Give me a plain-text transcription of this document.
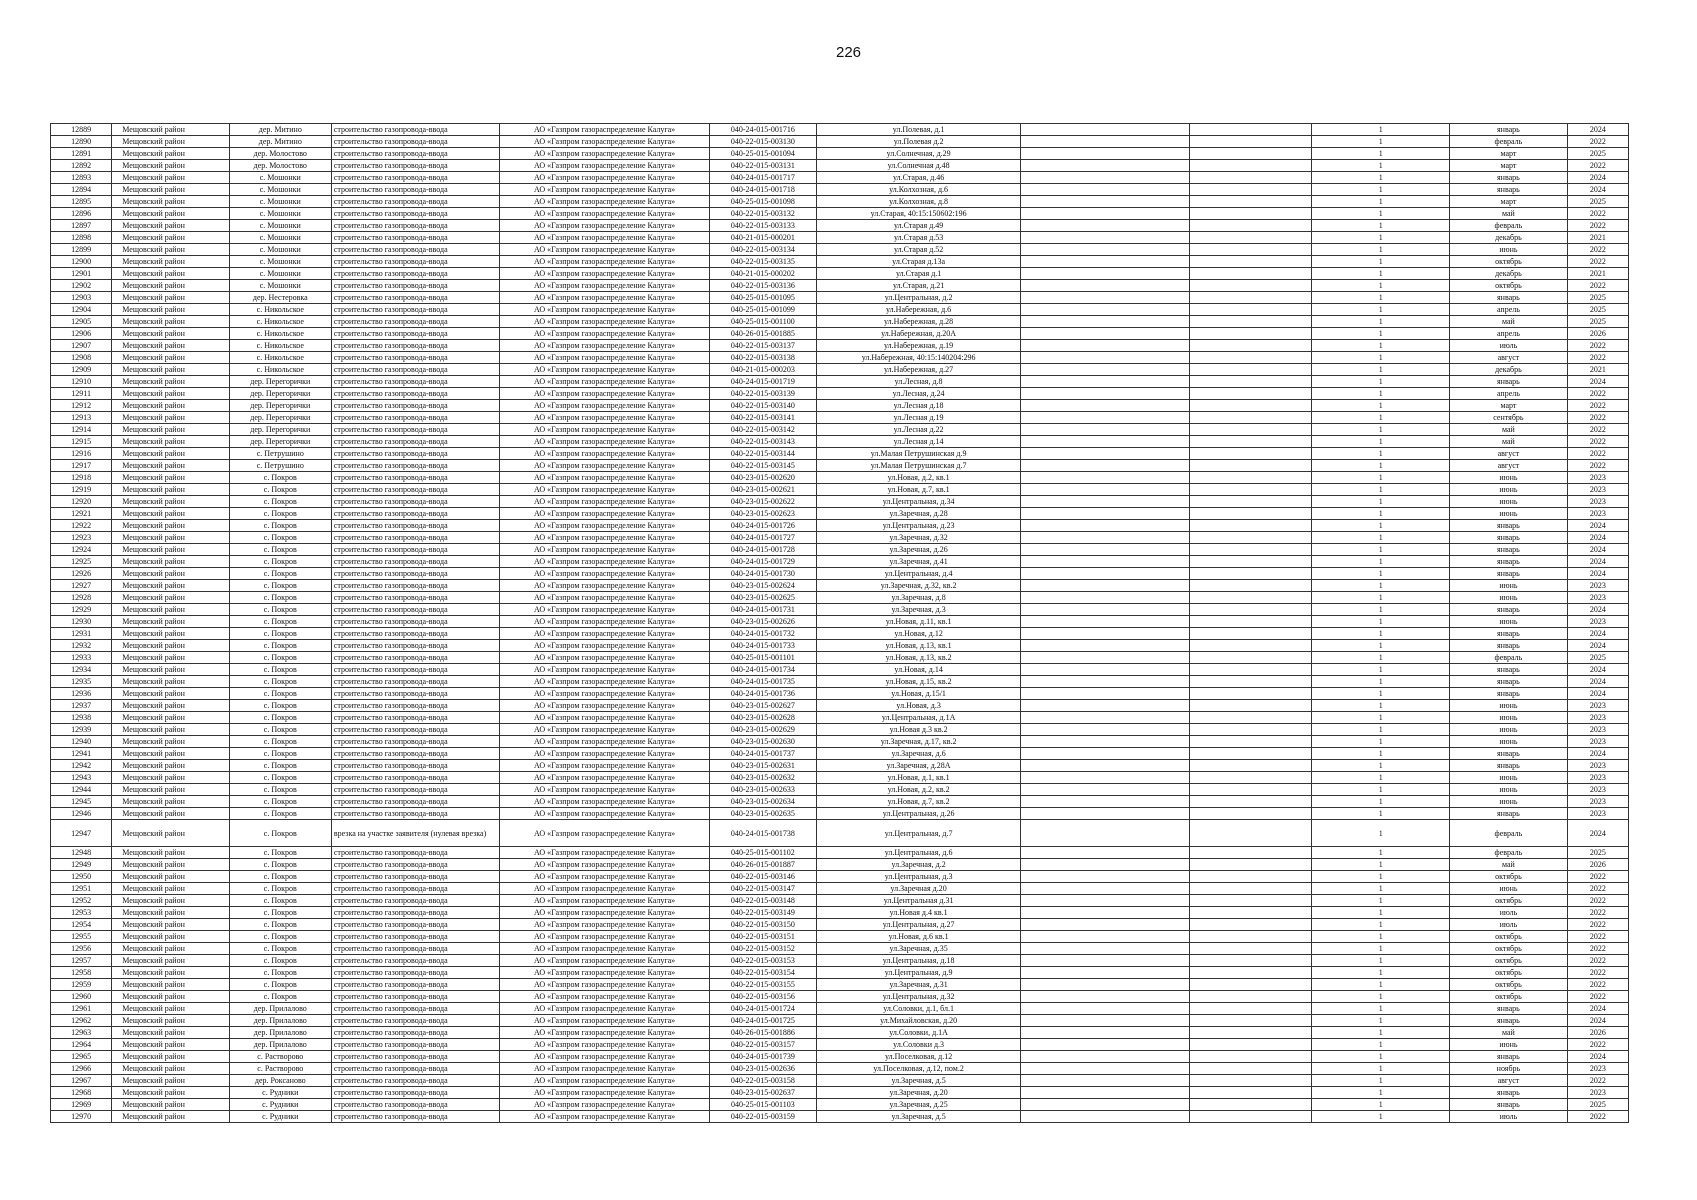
226
12889	Мещовский район	дер. Митино	строительство газопровода-ввода	АО «Газпром газораспределение Калуга»	040-24-015-001716	ул.Полевая, д.1			1	январь	2024
12890	Мещовский район	дер. Митино	строительство газопровода-ввода	АО «Газпром газораспределение Калуга»	040-22-015-003130	ул.Полевая д.2			1	февраль	2022
12891	Мещовский район	дер. Молостово	строительство газопровода-ввода	АО «Газпром газораспределение Калуга»	040-25-015-001094	ул.Солнечная, д.29			1	март	2025
12892	Мещовский район	дер. Молостово	строительство газопровода-ввода	АО «Газпром газораспределение Калуга»	040-22-015-003131	ул.Солнечная д.48			1	март	2022
12893	Мещовский район	с. Мошонки	строительство газопровода-ввода	АО «Газпром газораспределение Калуга»	040-24-015-001717	ул.Старая, д.46			1	январь	2024
12894	Мещовский район	с. Мошонки	строительство газопровода-ввода	АО «Газпром газораспределение Калуга»	040-24-015-001718	ул.Колхозная, д.6			1	январь	2024
12895	Мещовский район	с. Мошонки	строительство газопровода-ввода	АО «Газпром газораспределение Калуга»	040-25-015-001098	ул.Колхозная, д.8			1	март	2025
12896	Мещовский район	с. Мошонки	строительство газопровода-ввода	АО «Газпром газораспределение Калуга»	040-22-015-003132	ул.Старая, 40:15:150602:196			1	май	2022
12897	Мещовский район	с. Мошонки	строительство газопровода-ввода	АО «Газпром газораспределение Калуга»	040-22-015-003133	ул.Старая д.49			1	февраль	2022
12898	Мещовский район	с. Мошонки	строительство газопровода-ввода	АО «Газпром газораспределение Калуга»	040-21-015-000201	ул.Старая д.53			1	декабрь	2021
12899	Мещовский район	с. Мошонки	строительство газопровода-ввода	АО «Газпром газораспределение Калуга»	040-22-015-003134	ул.Старая д.52			1	июнь	2022
12900	Мещовский район	с. Мошонки	строительство газопровода-ввода	АО «Газпром газораспределение Калуга»	040-22-015-003135	ул.Старая д.13а			1	октябрь	2022
12901	Мещовский район	с. Мошонки	строительство газопровода-ввода	АО «Газпром газораспределение Калуга»	040-21-015-000202	ул.Старая д.1			1	декабрь	2021
12902	Мещовский район	с. Мошонки	строительство газопровода-ввода	АО «Газпром газораспределение Калуга»	040-22-015-003136	ул.Старая, д.21			1	октябрь	2022
12903	Мещовский район	дер. Нестеровка	строительство газопровода-ввода	АО «Газпром газораспределение Калуга»	040-25-015-001095	ул.Центральная, д.2			1	январь	2025
12904	Мещовский район	с. Никольское	строительство газопровода-ввода	АО «Газпром газораспределение Калуга»	040-25-015-001099	ул.Набережная, д.6			1	апрель	2025
12905	Мещовский район	с. Никольское	строительство газопровода-ввода	АО «Газпром газораспределение Калуга»	040-25-015-001100	ул.Набережная, д.28			1	май	2025
12906	Мещовский район	с. Никольское	строительство газопровода-ввода	АО «Газпром газораспределение Калуга»	040-26-015-001885	ул.Набережная, д.20А			1	апрель	2026
12907	Мещовский район	с. Никольское	строительство газопровода-ввода	АО «Газпром газораспределение Калуга»	040-22-015-003137	ул.Набережная, д.19			1	июль	2022
12908	Мещовский район	с. Никольское	строительство газопровода-ввода	АО «Газпром газораспределение Калуга»	040-22-015-003138	ул.Набережная, 40:15:140204:296			1	август	2022
12909	Мещовский район	с. Никольское	строительство газопровода-ввода	АО «Газпром газораспределение Калуга»	040-21-015-000203	ул.Набережная, д.27			1	декабрь	2021
12910	Мещовский район	дер. Перегорички	строительство газопровода-ввода	АО «Газпром газораспределение Калуга»	040-24-015-001719	ул.Лесная, д.8			1	январь	2024
12911	Мещовский район	дер. Перегорички	строительство газопровода-ввода	АО «Газпром газораспределение Калуга»	040-22-015-003139	ул.Лесная, д.24			1	апрель	2022
12912	Мещовский район	дер. Перегорички	строительство газопровода-ввода	АО «Газпром газораспределение Калуга»	040-22-015-003140	ул.Лесная д.18			1	март	2022
12913	Мещовский район	дер. Перегорички	строительство газопровода-ввода	АО «Газпром газораспределение Калуга»	040-22-015-003141	ул.Лесная д.19			1	сентябрь	2022
12914	Мещовский район	дер. Перегорички	строительство газопровода-ввода	АО «Газпром газораспределение Калуга»	040-22-015-003142	ул.Лесная д.22			1	май	2022
12915	Мещовский район	дер. Перегорички	строительство газопровода-ввода	АО «Газпром газораспределение Калуга»	040-22-015-003143	ул.Лесная д.14			1	май	2022
12916	Мещовский район	с. Петрушино	строительство газопровода-ввода	АО «Газпром газораспределение Калуга»	040-22-015-003144	ул.Малая Петрушинская д.9			1	август	2022
12917	Мещовский район	с. Петрушино	строительство газопровода-ввода	АО «Газпром газораспределение Калуга»	040-22-015-003145	ул.Малая Петрушинская д.7			1	август	2022
12918	Мещовский район	с. Покров	строительство газопровода-ввода	АО «Газпром газораспределение Калуга»	040-23-015-002620	ул.Новая, д.2, кв.1			1	июнь	2023
12919	Мещовский район	с. Покров	строительство газопровода-ввода	АО «Газпром газораспределение Калуга»	040-23-015-002621	ул.Новая, д.7, кв.1			1	июнь	2023
12920	Мещовский район	с. Покров	строительство газопровода-ввода	АО «Газпром газораспределение Калуга»	040-23-015-002622	ул.Центральная, д.34			1	июнь	2023
12921	Мещовский район	с. Покров	строительство газопровода-ввода	АО «Газпром газораспределение Калуга»	040-23-015-002623	ул.Заречная, д.28			1	июнь	2023
12922	Мещовский район	с. Покров	строительство газопровода-ввода	АО «Газпром газораспределение Калуга»	040-24-015-001726	ул.Центральная, д.23			1	январь	2024
12923	Мещовский район	с. Покров	строительство газопровода-ввода	АО «Газпром газораспределение Калуга»	040-24-015-001727	ул.Заречная, д.32			1	январь	2024
12924	Мещовский район	с. Покров	строительство газопровода-ввода	АО «Газпром газораспределение Калуга»	040-24-015-001728	ул.Заречная, д.26			1	январь	2024
12925	Мещовский район	с. Покров	строительство газопровода-ввода	АО «Газпром газораспределение Калуга»	040-24-015-001729	ул.Заречная, д.41			1	январь	2024
12926	Мещовский район	с. Покров	строительство газопровода-ввода	АО «Газпром газораспределение Калуга»	040-24-015-001730	ул.Центральная, д.4			1	январь	2024
12927	Мещовский район	с. Покров	строительство газопровода-ввода	АО «Газпром газораспределение Калуга»	040-23-015-002624	ул.Заречная, д.32, кв.2			1	июнь	2023
12928	Мещовский район	с. Покров	строительство газопровода-ввода	АО «Газпром газораспределение Калуга»	040-23-015-002625	ул.Заречная, д.8			1	июнь	2023
12929	Мещовский район	с. Покров	строительство газопровода-ввода	АО «Газпром газораспределение Калуга»	040-24-015-001731	ул.Заречная, д.3			1	январь	2024
12930	Мещовский район	с. Покров	строительство газопровода-ввода	АО «Газпром газораспределение Калуга»	040-23-015-002626	ул.Новая, д.11, кв.1			1	июнь	2023
12931	Мещовский район	с. Покров	строительство газопровода-ввода	АО «Газпром газораспределение Калуга»	040-24-015-001732	ул.Новая, д.12			1	январь	2024
12932	Мещовский район	с. Покров	строительство газопровода-ввода	АО «Газпром газораспределение Калуга»	040-24-015-001733	ул.Новая, д.13, кв.1			1	январь	2024
12933	Мещовский район	с. Покров	строительство газопровода-ввода	АО «Газпром газораспределение Калуга»	040-25-015-001101	ул.Новая, д.13, кв.2			1	февраль	2025
12934	Мещовский район	с. Покров	строительство газопровода-ввода	АО «Газпром газораспределение Калуга»	040-24-015-001734	ул.Новая, д.14			1	январь	2024
12935	Мещовский район	с. Покров	строительство газопровода-ввода	АО «Газпром газораспределение Калуга»	040-24-015-001735	ул.Новая, д.15, кв.2			1	январь	2024
12936	Мещовский район	с. Покров	строительство газопровода-ввода	АО «Газпром газораспределение Калуга»	040-24-015-001736	ул.Новая, д.15/1			1	январь	2024
12937	Мещовский район	с. Покров	строительство газопровода-ввода	АО «Газпром газораспределение Калуга»	040-23-015-002627	ул.Новая, д.3			1	июнь	2023
12938	Мещовский район	с. Покров	строительство газопровода-ввода	АО «Газпром газораспределение Калуга»	040-23-015-002628	ул.Центральная, д.1А			1	июнь	2023
12939	Мещовский район	с. Покров	строительство газопровода-ввода	АО «Газпром газораспределение Калуга»	040-23-015-002629	ул.Новая д.3 кв.2			1	июнь	2023
12940	Мещовский район	с. Покров	строительство газопровода-ввода	АО «Газпром газораспределение Калуга»	040-23-015-002630	ул.Заречная, д.17, кв.2			1	июнь	2023
12941	Мещовский район	с. Покров	строительство газопровода-ввода	АО «Газпром газораспределение Калуга»	040-24-015-001737	ул.Заречная, д.6			1	январь	2024
12942	Мещовский район	с. Покров	строительство газопровода-ввода	АО «Газпром газораспределение Калуга»	040-23-015-002631	ул.Заречная, д.28А			1	январь	2023
12943	Мещовский район	с. Покров	строительство газопровода-ввода	АО «Газпром газораспределение Калуга»	040-23-015-002632	ул.Новая, д.1, кв.1			1	июнь	2023
12944	Мещовский район	с. Покров	строительство газопровода-ввода	АО «Газпром газораспределение Калуга»	040-23-015-002633	ул.Новая, д.2, кв.2			1	июнь	2023
12945	Мещовский район	с. Покров	строительство газопровода-ввода	АО «Газпром газораспределение Калуга»	040-23-015-002634	ул.Новая, д.7, кв.2			1	июнь	2023
12946	Мещовский район	с. Покров	строительство газопровода-ввода	АО «Газпром газораспределение Калуга»	040-23-015-002635	ул.Центральная, д.26			1	январь	2023
12947	Мещовский район	с. Покров	врезка на участке заявителя (нулевая врезка)	АО «Газпром газораспределение Калуга»	040-24-015-001738	ул.Центральная, д.7			1	февраль	2024
12948	Мещовский район	с. Покров	строительство газопровода-ввода	АО «Газпром газораспределение Калуга»	040-25-015-001102	ул.Центральная, д.6			1	февраль	2025
12949	Мещовский район	с. Покров	строительство газопровода-ввода	АО «Газпром газораспределение Калуга»	040-26-015-001887	ул.Заречная, д.2			1	май	2026
12950	Мещовский район	с. Покров	строительство газопровода-ввода	АО «Газпром газораспределение Калуга»	040-22-015-003146	ул.Центральная, д.3			1	октябрь	2022
12951	Мещовский район	с. Покров	строительство газопровода-ввода	АО «Газпром газораспределение Калуга»	040-22-015-003147	ул.Заречная д.20			1	июнь	2022
12952	Мещовский район	с. Покров	строительство газопровода-ввода	АО «Газпром газораспределение Калуга»	040-22-015-003148	ул.Центральная д.31			1	октябрь	2022
12953	Мещовский район	с. Покров	строительство газопровода-ввода	АО «Газпром газораспределение Калуга»	040-22-015-003149	ул.Новая д.4 кв.1			1	июль	2022
12954	Мещовский район	с. Покров	строительство газопровода-ввода	АО «Газпром газораспределение Калуга»	040-22-015-003150	ул.Центральная, д.27			1	июль	2022
12955	Мещовский район	с. Покров	строительство газопровода-ввода	АО «Газпром газораспределение Калуга»	040-22-015-003151	ул.Новая, д.6 кв.1			1	октябрь	2022
12956	Мещовский район	с. Покров	строительство газопровода-ввода	АО «Газпром газораспределение Калуга»	040-22-015-003152	ул.Заречная, д.35			1	октябрь	2022
12957	Мещовский район	с. Покров	строительство газопровода-ввода	АО «Газпром газораспределение Калуга»	040-22-015-003153	ул.Центральная, д.18			1	октябрь	2022
12958	Мещовский район	с. Покров	строительство газопровода-ввода	АО «Газпром газораспределение Калуга»	040-22-015-003154	ул.Центральная, д.9			1	октябрь	2022
12959	Мещовский район	с. Покров	строительство газопровода-ввода	АО «Газпром газораспределение Калуга»	040-22-015-003155	ул.Заречная, д.31			1	октябрь	2022
12960	Мещовский район	с. Покров	строительство газопровода-ввода	АО «Газпром газораспределение Калуга»	040-22-015-003156	ул.Центральная, д.32			1	октябрь	2022
12961	Мещовский район	дер. Прилалово	строительство газопровода-ввода	АО «Газпром газораспределение Калуга»	040-24-015-001724	ул.Соловки, д.1, бл.1			1	январь	2024
12962	Мещовский район	дер. Прилалово	строительство газопровода-ввода	АО «Газпром газораспределение Калуга»	040-24-015-001725	ул.Михайловская, д.20			1	январь	2024
12963	Мещовский район	дер. Прилалово	строительство газопровода-ввода	АО «Газпром газораспределение Калуга»	040-26-015-001886	ул.Соловки, д.1А			1	май	2026
12964	Мещовский район	дер. Прилалово	строительство газопровода-ввода	АО «Газпром газораспределение Калуга»	040-22-015-003157	ул.Соловки д.3			1	июнь	2022
12965	Мещовский район	с. Растворово	строительство газопровода-ввода	АО «Газпром газораспределение Калуга»	040-24-015-001739	ул.Поселковая, д.12			1	январь	2024
12966	Мещовский район	с. Растворово	строительство газопровода-ввода	АО «Газпром газораспределение Калуга»	040-23-015-002636	ул.Поселковая, д.12, пом.2			1	ноябрь	2023
12967	Мещовский район	дер. Роксаново	строительство газопровода-ввода	АО «Газпром газораспределение Калуга»	040-22-015-003158	ул.Заречная, д.5			1	август	2022
12968	Мещовский район	с. Рудники	строительство газопровода-ввода	АО «Газпром газораспределение Калуга»	040-23-015-002637	ул.Заречная, д.20			1	январь	2023
12969	Мещовский район	с. Рудники	строительство газопровода-ввода	АО «Газпром газораспределение Калуга»	040-25-015-001103	ул.Заречная, д.25			1	январь	2025
12970	Мещовский район	с. Рудники	строительство газопровода-ввода	АО «Газпром газораспределение Калуга»	040-22-015-003159	ул.Заречная, д.5			1	июль	2022
